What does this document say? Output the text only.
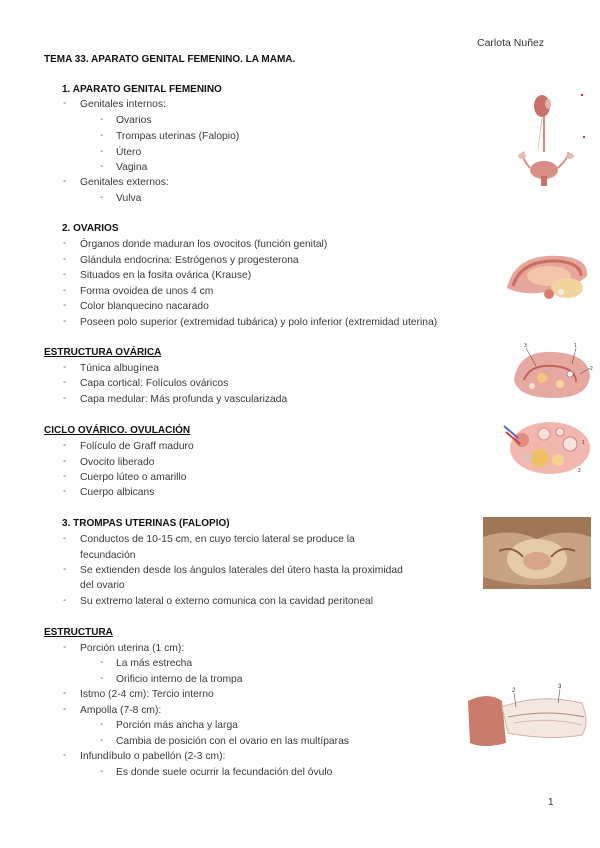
Carlota Nuñez
TEMA 33. APARATO GENITAL FEMENINO. LA MAMA.
1. APARATO GENITAL FEMENINO
- Genitales internos:
- Ovarios
- Trompas uterinas (Falopio)
- Útero
- Vagina
- Genitales externos:
- Vulva
2. OVARIOS
- Órganos donde maduran los ovocitos (función genital)
- Glándula endocrina: Estrógenos y progesterona
- Situados en la fosita ovárica (Krause)
- Forma ovoidea de unos 4 cm
- Color blanquecino nacarado
- Poseen polo superior (extremidad tubárica) y polo inferior (extremidad uterina)
ESTRUCTURA OVÁRICA
- Túnica albugínea
- Capa cortical: Folículos ováricos
- Capa medular: Más profunda y vascularizada
CICLO OVÁRICO. OVULACIÓN
- Folículo de Graff maduro
- Ovocito liberado
- Cuerpo lúteo o amarillo
- Cuerpo albicans
3. TROMPAS UTERINAS (FALOPIO)
- Conductos de 10-15 cm, en cuyo tercio lateral se produce la
fecundación
- Se extienden desde los ángulos laterales del útero hasta la proximidad
del ovario
- Su extremo lateral o externo comunica con la cavidad peritoneal
ESTRUCTURA
- Porción uterina (1 cm):
- La más estrecha
- Orificio interno de la trompa
- Istmo (2-4 cm): Tercio interno
- Ampolla (7-8 cm):
- Porción más ancha y larga
- Cambia de posición con el ovario en las multíparas
- Infundíbulo o pabellón (2-3 cm):
- Es donde suele ocurrir la fecundación del óvulo
1
3	1
2
1
2
2
3
